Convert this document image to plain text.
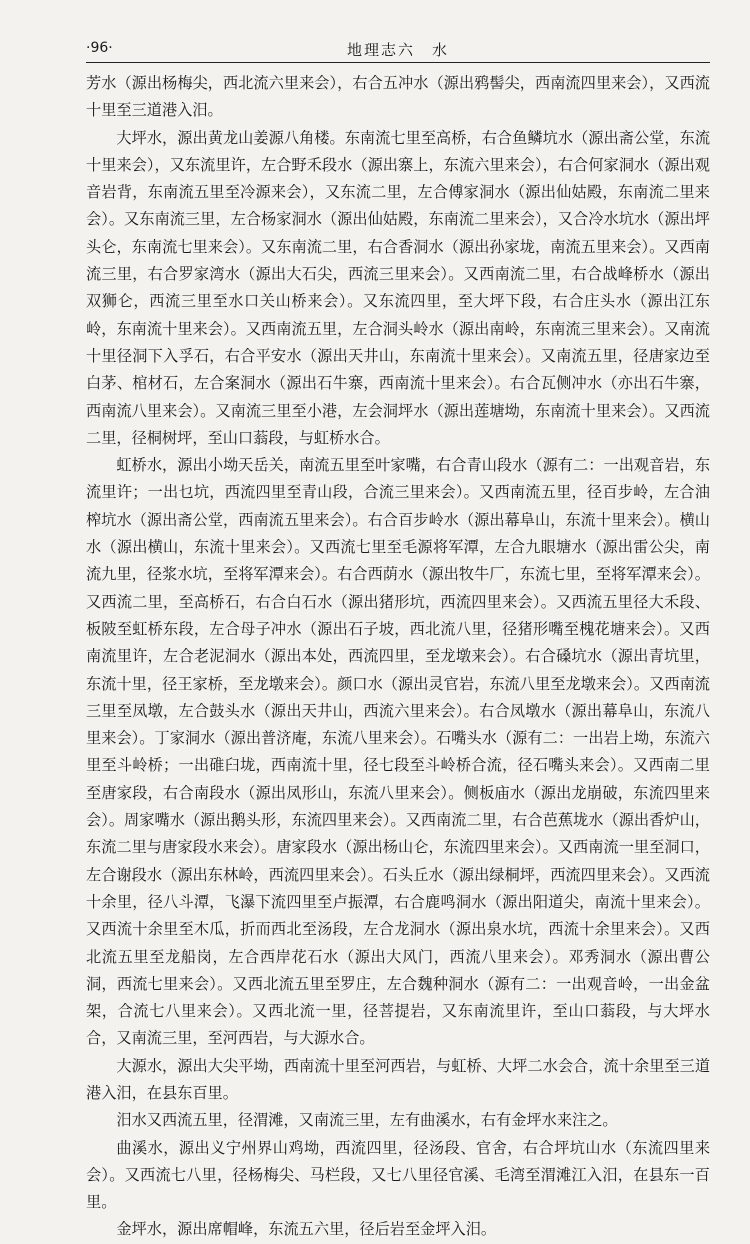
·96·	地理志六　水

芳水（源出杨梅尖，西北流六里来会），右合五冲水（源出鸦髻尖，西南流四里来会），又西流十里至三道港入汨。

大坪水，源出黄龙山姜源八角楼。东南流七里至高桥，右合鱼鳞坑水（源出斋公堂，东流十里来会），又东流里许，左合野禾段水（源出寨上，东流六里来会），右合何家洞水（源出观音岩背，东南流五里至冷源来会），又东流二里，左合傅家洞水（源出仙姑殿，东南流二里来会）。又东南流三里，左合杨家洞水（源出仙姑殿，东南流二里来会），又合冷水坑水（源出坪头仑，东南流七里来会）。又东南流二里，右合香洞水（源出孙家垅，南流五里来会）。又西南流三里，右合罗家湾水（源出大石尖，西流三里来会）。又西南流二里，右合战峰桥水（源出双狮仑，西流三里至水口关山桥来会）。又东流四里，至大坪下段，右合庄头水（源出江东岭，东南流十里来会）。又西南流五里，左合洞头岭水（源出南岭，东南流三里来会）。又南流十里径洞下入孚石，右合平安水（源出天井山，东南流十里来会）。又南流五里，径唐家边至白茅、棺材石，左合案洞水（源出石牛寨，西南流十里来会）。右合瓦侧冲水（亦出石牛寨，西南流八里来会）。又南流三里至小港，左会洞坪水（源出莲塘坳，东南流十里来会）。又西流二里，径桐树坪，至山口蓊段，与虹桥水合。

虹桥水，源出小坳天岳关，南流五里至叶家嘴，右合青山段水（源有二：一出观音岩，东流里许；一出乜坑，西流四里至青山段，合流三里来会）。又西南流五里，径百步岭，左合油榨坑水（源出斋公堂，西南流五里来会）。右合百步岭水（源出幕阜山，东流十里来会）。横山水（源出横山，东流十里来会）。又西流七里至毛源将军潭，左合九眼塘水（源出雷公尖，南流九里，径浆水坑，至将军潭来会）。右合西荫水（源出牧牛厂，东流七里，至将军潭来会）。又西流二里，至高桥石，右合白石水（源出猪形坑，西流四里来会）。又西流五里径大禾段、板陂至虹桥东段，左合母子冲水（源出石子坡，西北流八里，径猪形嘴至槐花塘来会）。又西南流里许，左合老泥洞水（源出本处，西流四里，至龙墩来会）。右合磉坑水（源出青坑里，东流十里，径王家桥，至龙墩来会）。颜口水（源出灵官岩，东流八里至龙墩来会）。又西南流三里至凤墩，左合鼓头水（源出天井山，西流六里来会）。右合凤墩水（源出幕阜山，东流八里来会）。丁家洞水（源出普济庵，东流八里来会）。石嘴头水（源有二：一出岩上坳，东流六里至斗岭桥；一出碓臼垅，西南流十里，径七段至斗岭桥合流，径石嘴头来会）。又西南二里至唐家段，右合南段水（源出凤形山，东流八里来会）。侧板庙水（源出龙崩破，东流四里来会）。周家嘴水（源出鹅头形，东流四里来会）。又西南流二里，右合芭蕉垅水（源出香炉山，东流二里与唐家段水来会）。唐家段水（源出杨山仑，东流四里来会）。又西南流一里至洞口，左合谢段水（源出东林岭，西流四里来会）。石头丘水（源出绿桐坪，西流四里来会）。又西流十余里，径八斗潭，飞瀑下流四里至卢振潭，右合鹿鸣洞水（源出阳道尖，南流十里来会）。又西流十余里至木瓜，折而西北至汤段，左合龙洞水（源出泉水坑，西流十余里来会）。又西北流五里至龙船岗，左合西岸花石水（源出大风门，西流八里来会）。邓秀洞水（源出曹公洞，西流七里来会）。又西北流五里至罗庄，左合魏种洞水（源有二：一出观音岭，一出金盆架，合流七八里来会）。又西北流一里，径菩提岩，又东南流里许，至山口蓊段，与大坪水合，又南流三里，至河西岩，与大源水合。

大源水，源出大尖平坳，西南流十里至河西岩，与虹桥、大坪二水会合，流十余里至三道港入汨，在县东百里。

汨水又西流五里，径渭滩，又南流三里，左有曲溪水，右有金坪水来注之。

曲溪水，源出义宁州界山鸡坳，西流四里，径汤段、官舍，右合坪坑山水（东流四里来会）。又西流七八里，径杨梅尖、马栏段，又七八里径官溪、毛湾至渭滩江入汨，在县东一百里。

金坪水，源出席帽峰，东流五六里，径后岩至金坪入汨。
